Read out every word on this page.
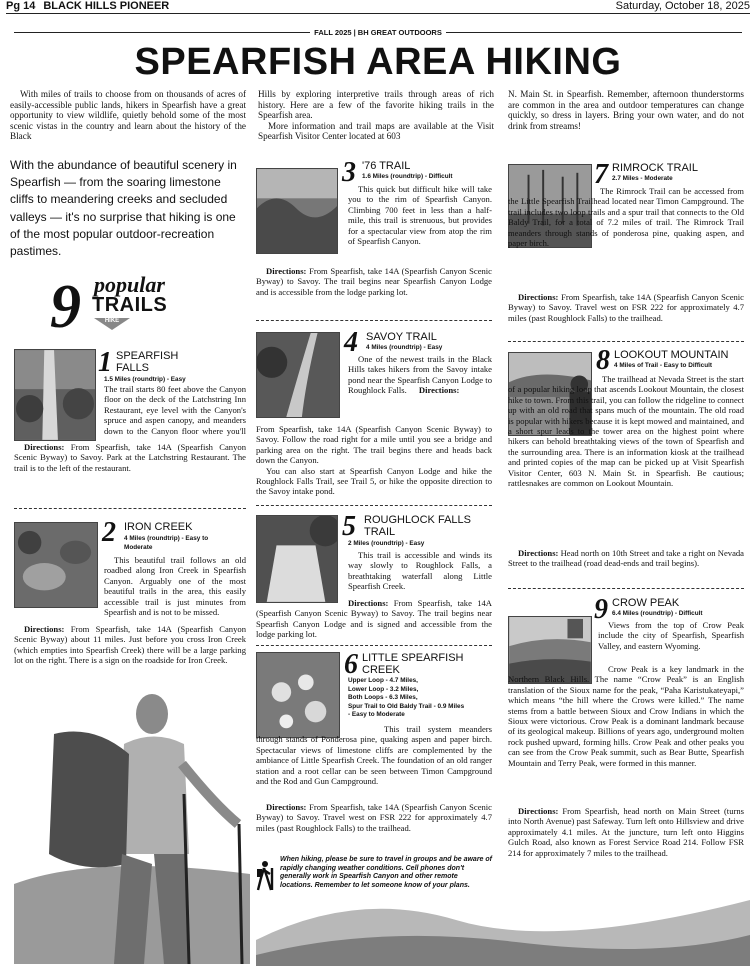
Pg 14 BLACK HILLS PIONEER	Saturday, October 18, 2025
FALL 2025 | BH GREAT OUTDOORS
SPEARFISH AREA HIKING
With miles of trails to choose from on thousands of acres of easily-accessible public lands, hikers in Spearfish have a great opportunity to view wildlife, quietly behold some of the most scenic vistas in the country and learn about the history of the Black
Hills by exploring interpretive trails through areas of rich history. Here are a few of the favorite hiking trails in the Spearfish area.
More information and trail maps are available at the Visit Spearfish Visitor Center located at 603
N. Main St. in Spearfish. Remember, afternoon thunderstorms are common in the area and outdoor temperatures can change quickly, so dress in layers. Bring your own water, and do not drink from streams!
With the abundance of beautiful scenery in Spearfish — from the soaring limestone cliffs to meandering creeks and secluded valleys — it's no surprise that hiking is one of the most popular outdoor-recreation pastimes.
9 popular
TRAILS
HIKE
1 SPEARFISH
FALLS
1.5 Miles (roundtrip) - Easy
The trail starts 80 feet above the Canyon floor on the deck of the Latchstring Inn Restaurant, eye level with the Canyon's spruce and aspen canopy, and meanders down to the Canyon floor where you'll
Directions: From Spearfish, take 14A (Spearfish Canyon Scenic Byway) to Savoy. Park at the Latchstring Restaurant. The trail is to the left of the restaurant.
2 IRON CREEK
4 Miles (roundtrip) - Easy to
Moderate
This beautiful trail follows an old roadbed along Iron Creek in Spearfish Canyon. Arguably one of the most beautiful trails in the area, this easily accessible trail is just minutes from Spearfish and is not to be missed.
Directions: From Spearfish, take 14A (Spearfish Canyon Scenic Byway) about 11 miles. Just before you cross Iron Creek (which empties into Spearfish Creek) there will be a large parking lot on the right. There is a sign on the roadside for Iron Creek.
3 '76 TRAIL
1.6 Miles (roundtrip) - Difficult
This quick but difficult hike will take you to the rim of Spearfish Canyon. Climbing 700 feet in less than a half-mile, this trail is strenuous, but provides for a spectacular view from atop the rim of Spearfish Canyon.
Directions: From Spearfish, take 14A (Spearfish Canyon Scenic Byway) to Savoy. The trail begins near Spearfish Canyon Lodge and is accessible from the lodge parking lot.
4 SAVOY TRAIL
4 Miles (roundtrip) - Easy
One of the newest trails in the Black Hills takes hikers from the Savoy intake pond near the Spearfish Canyon Lodge to Roughlock Falls. Directions:
From Spearfish, take 14A (Spearfish Canyon Scenic Byway) to Savoy. Follow the road right for a mile until you see a bridge and parking area on the right. The trail begins there and heads back down the Canyon.
You can also start at Spearfish Canyon Lodge and hike the Roughlock Falls Trail, see Trail 5, or hike the opposite direction to the Savoy intake pond.
5 ROUGHLOCK FALLS
TRAIL
2 Miles (roundtrip) - Easy
This trail is accessible and winds its way slowly to Roughlock Falls, a breathtaking waterfall along Little Spearfish Creek.
Directions: From Spearfish, take 14A (Spearfish Canyon Scenic Byway) to Savoy. The trail begins near Spearfish Canyon Lodge and is signed and accessible from the lodge parking lot.
6 LITTLE SPEARFISH
CREEK
Upper Loop - 4.7 Miles,
Lower Loop - 3.2 Miles,
Both Loops - 6.3 Miles,
Spur Trail to Old Baldy Trail - 0.9 Miles
- Easy to Moderate
This trail system meanders through stands of Ponderosa pine, quaking aspen and paper birch. Spectacular views of limestone cliffs are complemented by the ambiance of Little Spearfish Creek. The foundation of an old ranger station and a root cellar can be seen between Timon Campground and the Rod and Gun Campground.
Directions: From Spearfish, take 14A (Spearfish Canyon Scenic Byway) to Savoy. Travel west on FSR 222 for approximately 4.7 miles (past Roughlock Falls) to the trailhead.
When hiking, please be sure to travel in groups and be aware of rapidly changing weather conditions. Cell phones don't generally work in Spearfish Canyon and other remote locations. Remember to let someone know of your plans.
7 RIMROCK TRAIL
2.7 Miles - Moderate
The Rimrock Trail can be accessed from the Little Spearfish Trailhead located near Timon Campground. The trail includes two loop trails and a spur trail that connects to the Old Baldy Trail, for a total of 7.2 miles of trail. The Rimrock Trail meanders through stands of ponderosa pine, quaking aspen, and paper birch.
Directions: From Spearfish, take 14A (Spearfish Canyon Scenic Byway) to Savoy. Travel west on FSR 222 for approximately 4.7 miles (past Roughlock Falls) to the trailhead.
8 LOOKOUT MOUNTAIN
4 Miles of Trail - Easy to Difficult
The trailhead at Nevada Street is the start of a popular hiking loop that ascends Lookout Mountain, the closest hike to town. From this trail, you can follow the ridgeline to connect up with an old road that spans much of the mountain. The old road is popular with hikers because it is kept mowed and maintained, and a short spur leads to the tower area on the highest point where hikers can behold breathtaking views of the town of Spearfish and the surrounding area. There is an information kiosk at the trailhead and printed copies of the map can be picked up at Visit Spearfish Visitor Center, 603 N. Main St. in Spearfish. Be cautious; rattlesnakes are common on Lookout Mountain.
Directions: Head north on 10th Street and take a right on Nevada Street to the trailhead (road dead-ends and trail begins).
9 CROW PEAK
6.4 Miles (roundtrip) - Difficult
Views from the top of Crow Peak include the city of Spearfish, Spearfish Valley, and eastern Wyoming.
Crow Peak is a key landmark in the Northern Black Hills. The name “Crow Peak” is an English translation of the Sioux name for the peak, “Paha Karistukateyapi,” which means “the hill where the Crows were killed.” The name stems from a battle between Sioux and Crow Indians in which the Sioux were victorious. Crow Peak is a dominant landmark because of its geological makeup. Billions of years ago, underground molten rock pushed upward, forming hills. Crow Peak and other peaks you can see from the Crow Peak summit, such as Bear Butte, Spearfish Mountain and Terry Peak, were formed in this manner.
Directions: From Spearfish, head north on Main Street (turns into North Avenue) past Safeway. Turn left onto Hillsview and drive approximately 4.1 miles. At the juncture, turn left onto Higgins Gulch Road, also known as Forest Service Road 214. Follow FSR 214 for approximately 7 miles to the trailhead.
